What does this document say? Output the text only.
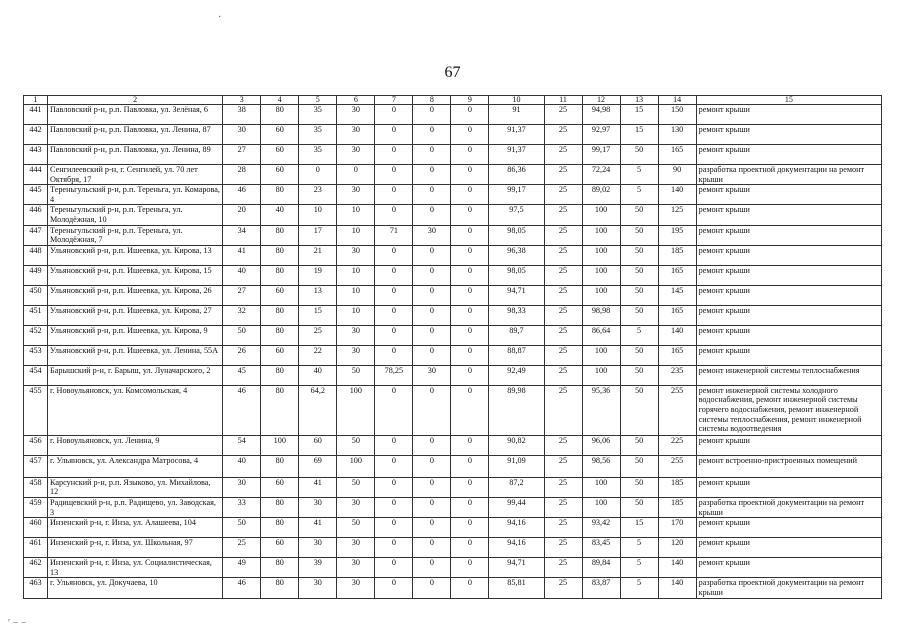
·
′ − −
67
1	2	3	4	5	6	7	8	9	10	11	12	13	14	15
441	Павловский р-н, р.п. Павловка, ул. Зелёная, 6	38	80	35	30	0	0	0	91	25	94,98	15	150	ремонт крыши
442	Павловский р-н, р.п. Павловка, ул. Ленина, 87	30	60	35	30	0	0	0	91,37	25	92,97	15	130	ремонт крыши
443	Павловский р-н, р.п. Павловка, ул. Ленина, 89	27	60	35	30	0	0	0	91,37	25	99,17	50	165	ремонт крыши
444	Сенгилеевский р-н, г. Сенгилей, ул. 70 лет Октября, 17	28	60	0	0	0	0	0	86,36	25	72,24	5	90	разработка проектной документации на ремонт крыши
445	Тереньгульский р-н, р.п. Тереньга, ул. Комарова, 4	46	80	23	30	0	0	0	99,17	25	89,02	5	140	ремонт крыши
446	Тереньгульский р-н, р.п. Тереньга, ул. Молодёжная, 10	20	40	10	10	0	0	0	97,5	25	100	50	125	ремонт крыши
447	Тереньгульский р-н, р.п. Тереньга, ул. Молодёжная, 7	34	80	17	10	71	30	0	98,05	25	100	50	195	ремонт крыши
448	Ульяновский р-н, р.п. Ишеевка, ул. Кирова, 13	41	80	21	30	0	0	0	96,38	25	100	50	185	ремонт крыши
449	Ульяновский р-н, р.п. Ишеевка, ул. Кирова, 15	40	80	19	10	0	0	0	98,05	25	100	50	165	ремонт крыши
450	Ульяновский р-н, р.п. Ишеевка, ул. Кирова, 26	27	60	13	10	0	0	0	94,71	25	100	50	145	ремонт крыши
451	Ульяновский р-н, р.п. Ишеевка, ул. Кирова, 27	32	80	15	10	0	0	0	98,33	25	98,98	50	165	ремонт крыши
452	Ульяновский р-н, р.п. Ишеевка, ул. Кирова, 9	50	80	25	30	0	0	0	89,7	25	86,64	5	140	ремонт крыши
453	Ульяновский р-н, р.п. Ишеевка, ул. Ленина, 55А	26	60	22	30	0	0	0	88,87	25	100	50	165	ремонт крыши
454	Барышский р-н, г. Барыш, ул. Луначарского, 2	45	80	40	50	78,25	30	0	92,49	25	100	50	235	ремонт инженерной системы теплоснабжения
455	г. Новоульяновск, ул. Комсомольская, 4	46	80	64,2	100	0	0	0	89,98	25	95,36	50	255	ремонт инженерной системы холодного водоснабжения, ремонт инженерной системы горячего водоснабжения, ремонт инженерной системы теплоснабжения, ремонт инженерной системы водоотведения
456	г. Новоульяновск, ул. Ленина, 9	54	100	60	50	0	0	0	90,82	25	96,06	50	225	ремонт крыши
457	г. Ульяновск, ул. Александра Матросова, 4	40	80	69	100	0	0	0	91,09	25	98,56	50	255	ремонт встроенно-пристроенных помещений
458	Карсунский р-н, р.п. Языково, ул. Михайлова, 12	30	60	41	50	0	0	0	87,2	25	100	50	185	ремонт крыши
459	Радищевский р-н, р.п. Радищево, ул. Заводская, 3	33	80	30	30	0	0	0	99,44	25	100	50	185	разработка проектной документации на ремонт крыши
460	Инзенский р-н, г. Инза, ул. Алашеева, 104	50	80	41	50	0	0	0	94,16	25	93,42	15	170	ремонт крыши
461	Инзенский р-н, г. Инза, ул. Школьная, 97	25	60	30	30	0	0	0	94,16	25	83,45	5	120	ремонт крыши
462	Инзенский р-н, г. Инза, ул. Социалистическая, 13	49	80	39	30	0	0	0	94,71	25	89,84	5	140	ремонт крыши
463	г. Ульяновск, ул. Докучаева, 10	46	80	30	30	0	0	0	85,81	25	83,87	5	140	разработка проектной документации на ремонт крыши
